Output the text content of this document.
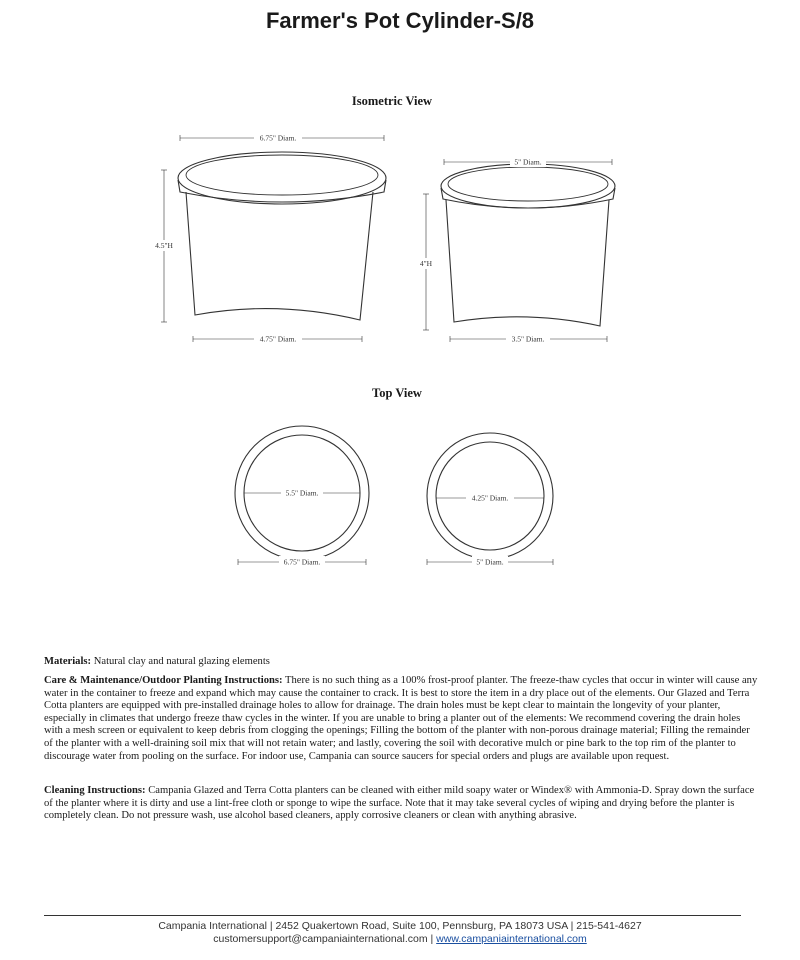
Farmer's Pot Cylinder-S/8
Isometric View
Top View
6.75" Diam.
4.5"H
4.75" Diam.
5" Diam.
4"H
3.5" Diam.
5.5" Diam.
6.75" Diam.
4.25" Diam.
5" Diam.

Materials: Natural clay and natural glazing elements

Care & Maintenance/Outdoor Planting Instructions: There is no such thing as a 100% frost-proof planter. The freeze-thaw cycles that occur in winter will cause any water in the container to freeze and expand which may cause the container to crack. It is best to store the item in a dry place out of the elements. Our Glazed and Terra Cotta planters are equipped with pre-installed drainage holes to allow for drainage. The drain holes must be kept clear to maintain the longevity of your planter, especially in climates that undergo freeze thaw cycles in the winter. If you are unable to bring a planter out of the elements: We recommend covering the drain holes with a mesh screen or equivalent to keep debris from clogging the openings; Filling the bottom of the planter with non-porous drainage material; Filling the remainder of the planter with a well-draining soil mix that will not retain water; and lastly, covering the soil with decorative mulch or pine bark to the top rim of the planter to discourage water from pooling on the surface. For indoor use, Campania can source saucers for special orders and plugs are available upon request.

Cleaning Instructions: Campania Glazed and Terra Cotta planters can be cleaned with either mild soapy water or Windex® with Ammonia-D. Spray down the surface of the planter where it is dirty and use a lint-free cloth or sponge to wipe the surface. Note that it may take several cycles of wiping and drying before the planter is completely clean. Do not pressure wash, use alcohol based cleaners, apply corrosive cleaners or clean with anything abrasive.

Campania International | 2452 Quakertown Road, Suite 100, Pennsburg, PA 18073 USA | 215-541-4627
customersupport@campaniainternational.com | www.campaniainternational.com
